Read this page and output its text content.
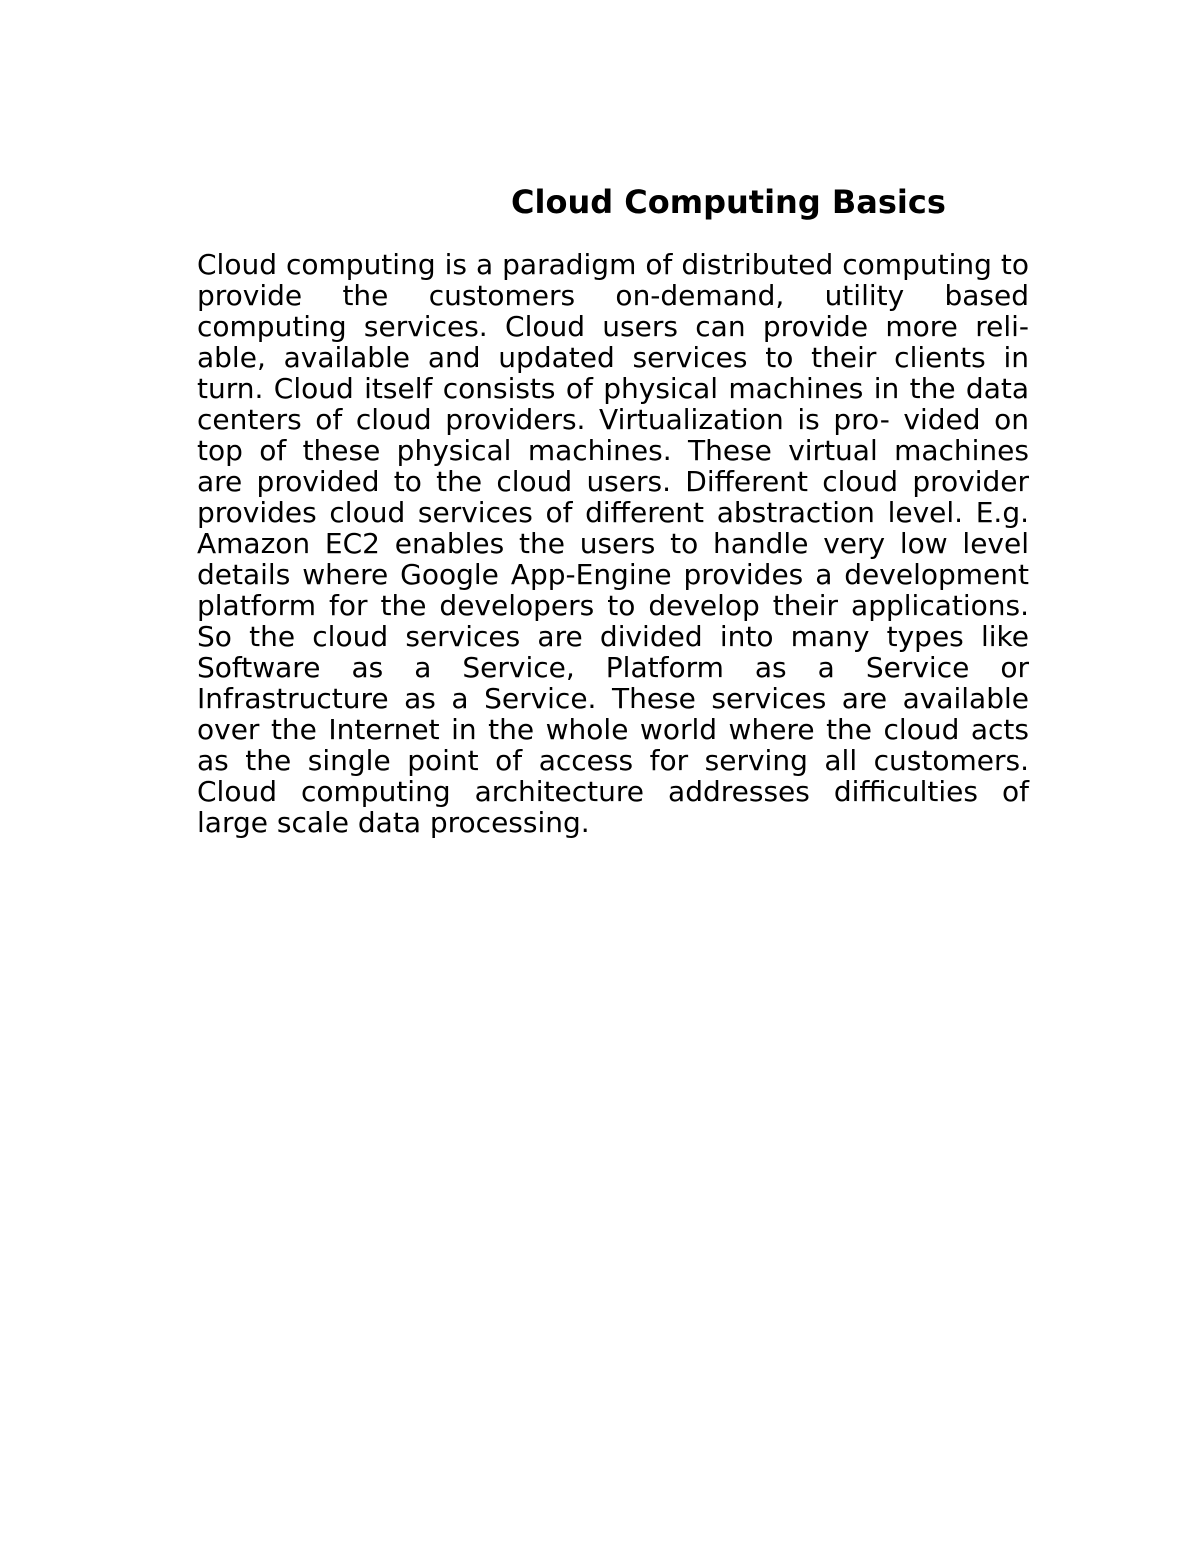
Cloud Computing Basics

Cloud computing is a paradigm of distributed computing to provide the customers on-demand, utility based computing services. Cloud users can provide more reli- able, available and updated services to their clients in turn. Cloud itself consists of physical machines in the data centers of cloud providers. Virtualization is pro- vided on top of these physical machines. These virtual machines are provided to the cloud users. Different cloud provider provides cloud services of different abstraction level. E.g. Amazon EC2 enables the users to handle very low level details where Google App-Engine provides a development platform for the developers to develop their applications. So the cloud services are divided into many types like Software as a Service, Platform as a Service or Infrastructure as a Service. These services are available over the Internet in the whole world where the cloud acts as the single point of access for serving all customers. Cloud computing architecture addresses difficulties of large scale data processing.
